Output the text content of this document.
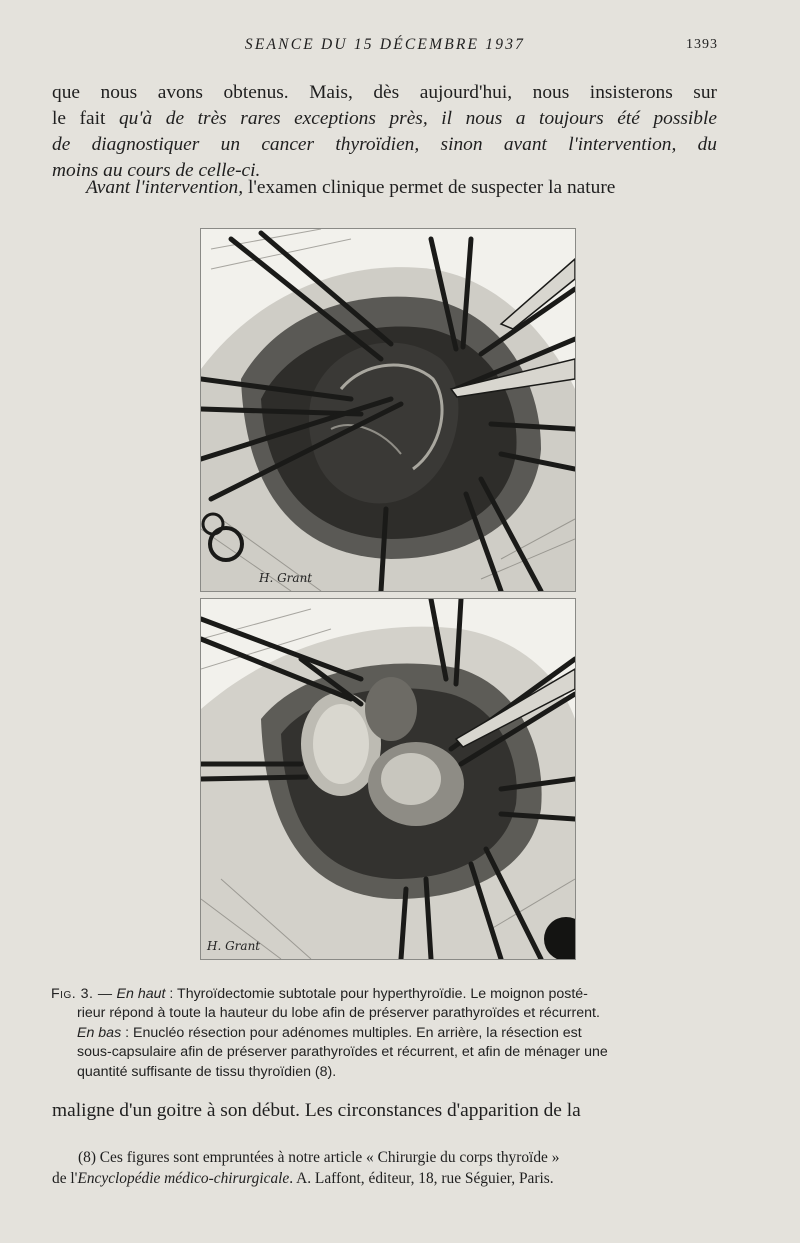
SEANCE DU 15 DÉCEMBRE 1937	1393
que nous avons obtenus. Mais, dès aujourd'hui, nous insisterons sur
le fait qu'à de très rares exceptions près, il nous a toujours été possible
de diagnostiquer un cancer thyroïdien, sinon avant l'intervention, du
moins au cours de celle-ci.
Avant l'intervention, l'examen clinique permet de suspecter la nature
H. Grant
H. Grant
Fig. 3. — En haut : Thyroïdectomie subtotale pour hyperthyroïdie. Le moignon posté-
rieur répond à toute la hauteur du lobe afin de préserver parathyroïdes et récurrent.
En bas : Enucléo résection pour adénomes multiples. En arrière, la résection est
sous-capsulaire afin de préserver parathyroïdes et récurrent, et afin de ménager une
quantité suffisante de tissu thyroïdien (8).
maligne d'un goitre à son début. Les circonstances d'apparition de la
(8) Ces figures sont empruntées à notre article « Chirurgie du corps thyroïde »
de l'Encyclopédie médico-chirurgicale. A. Laffont, éditeur, 18, rue Séguier, Paris.
